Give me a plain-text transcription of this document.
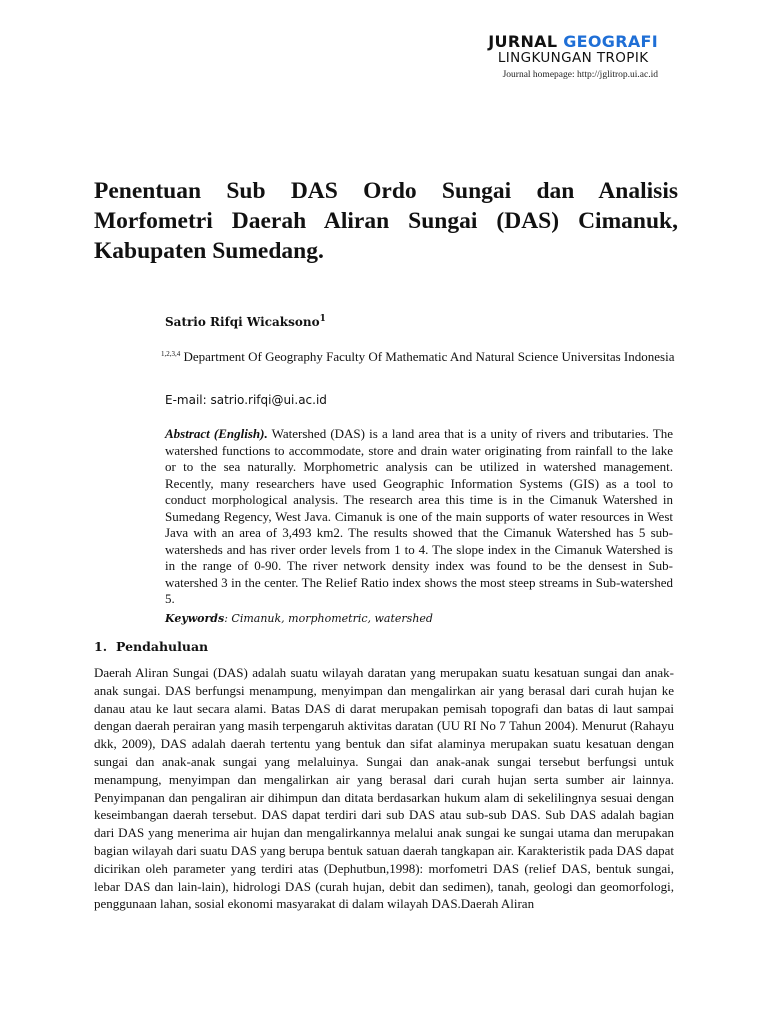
JURNAL GEOGRAFI
LINGKUNGAN TROPIK
Journal homepage: http://jglitrop.ui.ac.id
Penentuan Sub DAS Ordo Sungai dan Analisis Morfometri Daerah Aliran Sungai (DAS) Cimanuk, Kabupaten Sumedang.

Satrio Rifqi Wicaksono$^1$

$^{1,2,3,4}$ Department Of Geography Faculty Of Mathematic And Natural Science Universitas Indonesia

E-mail: satrio.rifqi@ui.ac.id

Abstract (English). Watershed (DAS) is a land area that is a unity of rivers and tributaries. The watershed functions to accommodate, store and drain water originating from rainfall to the lake or to the sea naturally. Morphometric analysis can be utilized in watershed management. Recently, many researchers have used Geographic Information Systems (GIS) as a tool to conduct morphological analysis. The research area this time is in the Cimanuk Watershed in Sumedang Regency, West Java. Cimanuk is one of the main supports of water resources in West Java with an area of 3,493 km2. The results showed that the Cimanuk Watershed has 5 sub-watersheds and has river order levels from 1 to 4. The slope index in the Cimanuk Watershed is in the range of 0-90. The river network density index was found to be the densest in Sub-watershed 3 in the center. The Relief Ratio index shows the most steep streams in Sub-watershed 5.

Keywords: Cimanuk, morphometric, watershed

1. Pendahuluan

Daerah Aliran Sungai (DAS) adalah suatu wilayah daratan yang merupakan suatu kesatuan sungai dan anak-anak sungai. DAS berfungsi menampung, menyimpan dan mengalirkan air yang berasal dari curah hujan ke danau atau ke laut secara alami. Batas DAS di darat merupakan pemisah topografi dan batas di laut sampai dengan daerah perairan yang masih terpengaruh aktivitas daratan (UU RI No 7 Tahun 2004). Menurut (Rahayu dkk, 2009), DAS adalah daerah tertentu yang bentuk dan sifat alaminya merupakan suatu kesatuan dengan sungai dan anak-anak sungai yang melaluinya. Sungai dan anak-anak sungai tersebut berfungsi untuk menampung, menyimpan dan mengalirkan air yang berasal dari curah hujan serta sumber air lainnya. Penyimpanan dan pengaliran air dihimpun dan ditata berdasarkan hukum alam di sekelilingnya sesuai dengan keseimbangan daerah tersebut. DAS dapat terdiri dari sub DAS atau sub-sub DAS. Sub DAS adalah bagian dari DAS yang menerima air hujan dan mengalirkannya melalui anak sungai ke sungai utama dan merupakan bagian wilayah dari suatu DAS yang berupa bentuk satuan daerah tangkapan air. Karakteristik pada DAS dapat dicirikan oleh parameter yang terdiri atas (Dephutbun,1998): morfometri DAS (relief DAS, bentuk sungai, lebar DAS dan lain-lain), hidrologi DAS (curah hujan, debit dan sedimen), tanah, geologi dan geomorfologi, penggunaan lahan, sosial ekonomi masyarakat di dalam wilayah DAS.Daerah Aliran
